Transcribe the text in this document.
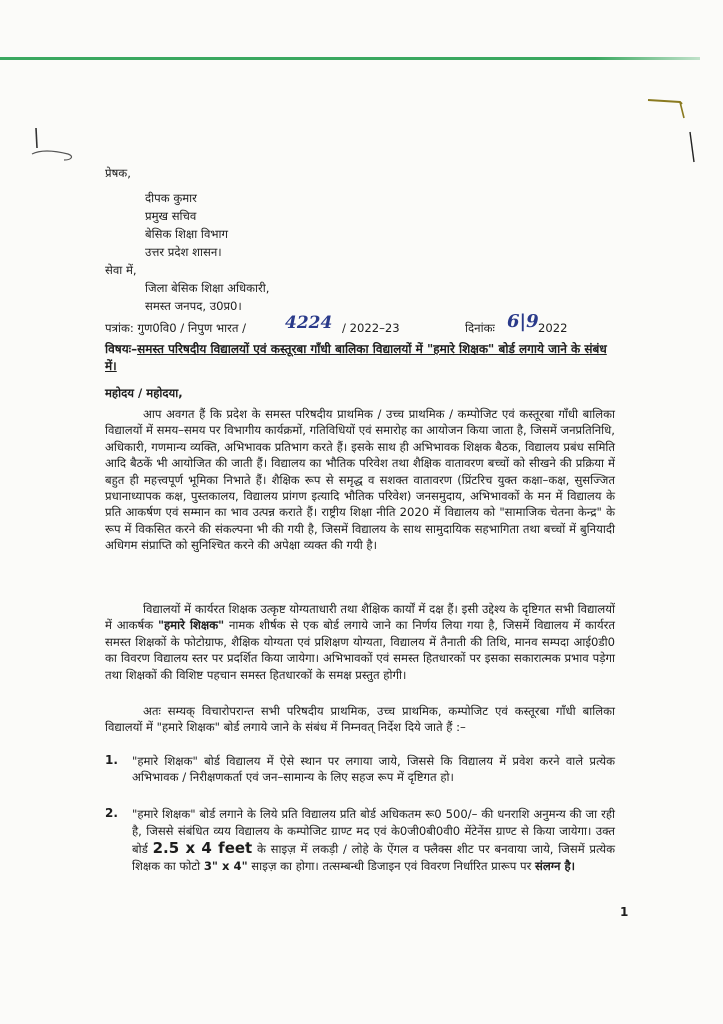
प्रेषक,
दीपक कुमार
प्रमुख सचिव
बेसिक शिक्षा विभाग
उत्तर प्रदेश शासन।
सेवा में,
जिला बेसिक शिक्षा अधिकारी,
समस्त जनपद, उ0प्र0।
पत्रांक: गुण0वि0 / निपुण भारत / 4224 / 2022–23	दिनांकः 6|9 2022
विषयः–समस्त परिषदीय विद्यालयों एवं कस्तूरबा गाँधी बालिका विद्यालयों में "हमारे शिक्षक" बोर्ड लगाये जाने के संबंध में।
महोदय / महोदया,
आप अवगत हैं कि प्रदेश के समस्त परिषदीय प्राथमिक / उच्च प्राथमिक / कम्पोजिट एवं कस्तूरबा गाँधी बालिका विद्यालयों में समय–समय पर विभागीय कार्यक्रमों, गतिविधियों एवं समारोह का आयोजन किया जाता है, जिसमें जनप्रतिनिधि, अधिकारी, गणमान्य व्यक्ति, अभिभावक प्रतिभाग करते हैं। इसके साथ ही अभिभावक शिक्षक बैठक, विद्यालय प्रबंध समिति आदि बैठकें भी आयोजित की जाती हैं। विद्यालय का भौतिक परिवेश तथा शैक्षिक वातावरण बच्चों को सीखने की प्रक्रिया में बहुत ही महत्त्वपूर्ण भूमिका निभाते हैं। शैक्षिक रूप से समृद्ध व सशक्त वातावरण (प्रिंटरिच युक्त कक्षा–कक्ष, सुसज्जित प्रधानाध्यापक कक्ष, पुस्तकालय, विद्यालय प्रांगण इत्यादि भौतिक परिवेश) जनसमुदाय, अभिभावकों के मन में विद्यालय के प्रति आकर्षण एवं सम्मान का भाव उत्पन्न कराते हैं। राष्ट्रीय शिक्षा नीति 2020 में विद्यालय को "सामाजिक चेतना केन्द्र" के रूप में विकसित करने की संकल्पना भी की गयी है, जिसमें विद्यालय के साथ सामुदायिक सहभागिता तथा बच्चों में बुनियादी अधिगम संप्राप्ति को सुनिश्चित करने की अपेक्षा व्यक्त की गयी है।
विद्यालयों में कार्यरत शिक्षक उत्कृष्ट योग्यताधारी तथा शैक्षिक कार्यों में दक्ष हैं। इसी उद्देश्य के दृष्टिगत सभी विद्यालयों में आकर्षक "हमारे शिक्षक" नामक शीर्षक से एक बोर्ड लगाये जाने का निर्णय लिया गया है, जिसमें विद्यालय में कार्यरत समस्त शिक्षकों के फोटोग्राफ, शैक्षिक योग्यता एवं प्रशिक्षण योग्यता, विद्यालय में तैनाती की तिथि, मानव सम्पदा आई0डी0 का विवरण विद्यालय स्तर पर प्रदर्शित किया जायेगा। अभिभावकों एवं समस्त हितधारकों पर इसका सकारात्मक प्रभाव पड़ेगा तथा शिक्षकों की विशिष्ट पहचान समस्त हितधारकों के समक्ष प्रस्तुत होगी।
अतः सम्यक् विचारोपरान्त सभी परिषदीय प्राथमिक, उच्च प्राथमिक, कम्पोजिट एवं कस्तूरबा गाँधी बालिका विद्यालयों में "हमारे शिक्षक" बोर्ड लगाये जाने के संबंध में निम्नवत् निर्देश दिये जाते हैं :–
1. "हमारे शिक्षक" बोर्ड विद्यालय में ऐसे स्थान पर लगाया जाये, जिससे कि विद्यालय में प्रवेश करने वाले प्रत्येक अभिभावक / निरीक्षणकर्ता एवं जन–सामान्य के लिए सहज रूप में दृष्टिगत हो।
2. "हमारे शिक्षक" बोर्ड लगाने के लिये प्रति विद्यालय प्रति बोर्ड अधिकतम रू0 500/– की धनराशि अनुमन्य की जा रही है, जिससे संबंधित व्यय विद्यालय के कम्पोजिट ग्राण्ट मद एवं के0जी0बी0वी0 मेंटेनेंस ग्राण्ट से किया जायेगा। उक्त बोर्ड 2.5 x 4 feet के साइज़ में लकड़ी / लोहे के ऐंगल व फ्लैक्स शीट पर बनवाया जाये, जिसमें प्रत्येक शिक्षक का फोटो 3" x 4" साइज़ का होगा। तत्सम्बन्धी डिजाइन एवं विवरण निर्धारित प्रारूप पर संलग्न है।
1
